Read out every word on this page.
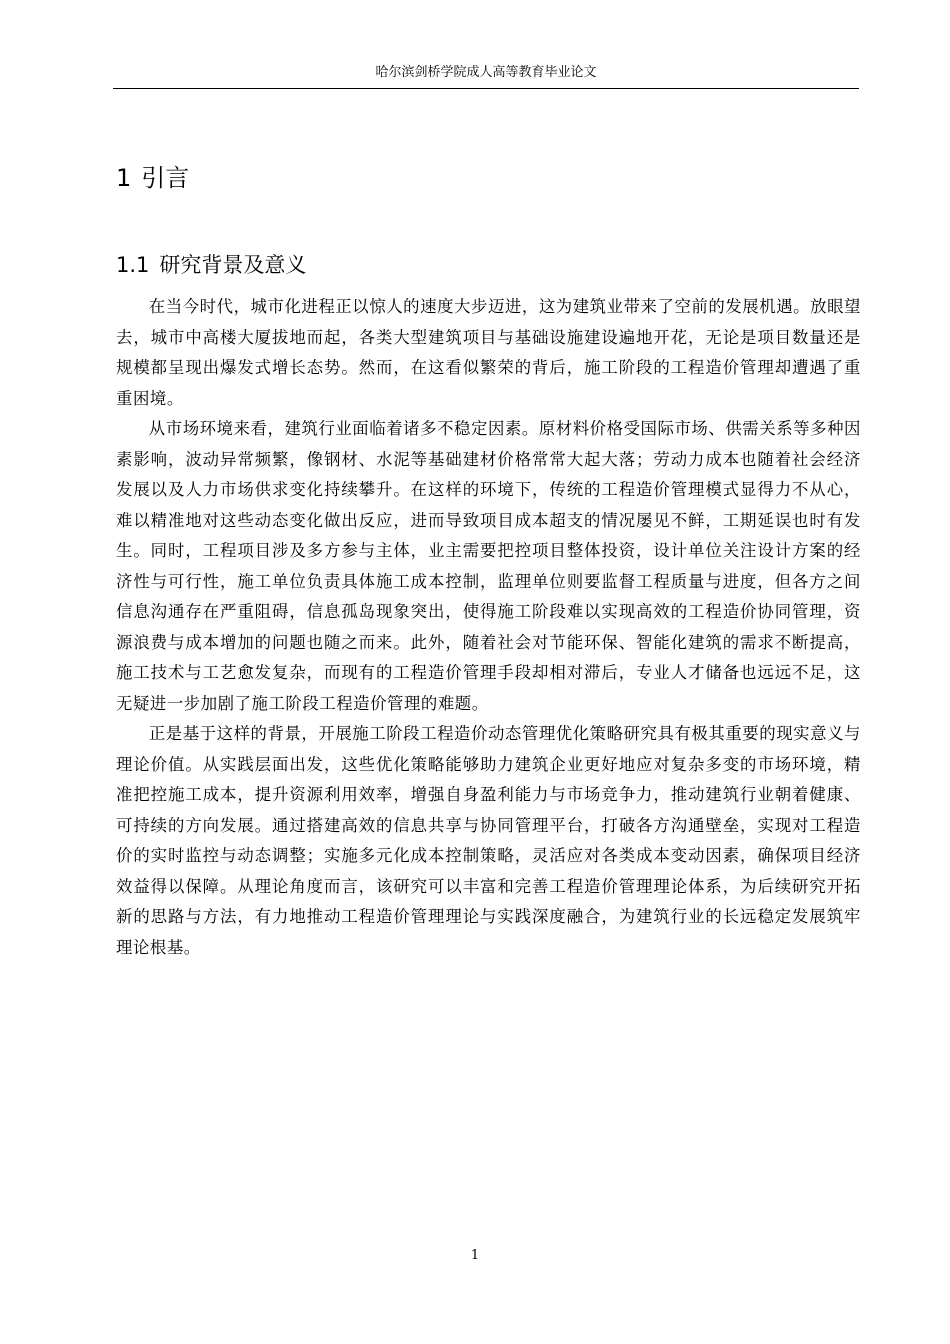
哈尔滨剑桥学院成人高等教育毕业论文
1 引言
1.1 研究背景及意义

在当今时代，城市化进程正以惊人的速度大步迈进，这为建筑业带来了空前的发展机遇。放眼望去，城市中高楼大厦拔地而起，各类大型建筑项目与基础设施建设遍地开花，无论是项目数量还是规模都呈现出爆发式增长态势。然而，在这看似繁荣的背后，施工阶段的工程造价管理却遭遇了重重困境。

从市场环境来看，建筑行业面临着诸多不稳定因素。原材料价格受国际市场、供需关系等多种因素影响，波动异常频繁，像钢材、水泥等基础建材价格常常大起大落；劳动力成本也随着社会经济发展以及人力市场供求变化持续攀升。在这样的环境下，传统的工程造价管理模式显得力不从心，难以精准地对这些动态变化做出反应，进而导致项目成本超支的情况屡见不鲜，工期延误也时有发生。同时，工程项目涉及多方参与主体，业主需要把控项目整体投资，设计单位关注设计方案的经济性与可行性，施工单位负责具体施工成本控制，监理单位则要监督工程质量与进度，但各方之间信息沟通存在严重阻碍，信息孤岛现象突出，使得施工阶段难以实现高效的工程造价协同管理，资源浪费与成本增加的问题也随之而来。此外，随着社会对节能环保、智能化建筑的需求不断提高，施工技术与工艺愈发复杂，而现有的工程造价管理手段却相对滞后，专业人才储备也远远不足，这无疑进一步加剧了施工阶段工程造价管理的难题。

正是基于这样的背景，开展施工阶段工程造价动态管理优化策略研究具有极其重要的现实意义与理论价值。从实践层面出发，这些优化策略能够助力建筑企业更好地应对复杂多变的市场环境，精准把控施工成本，提升资源利用效率，增强自身盈利能力与市场竞争力，推动建筑行业朝着健康、可持续的方向发展。通过搭建高效的信息共享与协同管理平台，打破各方沟通壁垒，实现对工程造价的实时监控与动态调整；实施多元化成本控制策略，灵活应对各类成本变动因素，确保项目经济效益得以保障。从理论角度而言，该研究可以丰富和完善工程造价管理理论体系，为后续研究开拓新的思路与方法，有力地推动工程造价管理理论与实践深度融合，为建筑行业的长远稳定发展筑牢理论根基。

1
